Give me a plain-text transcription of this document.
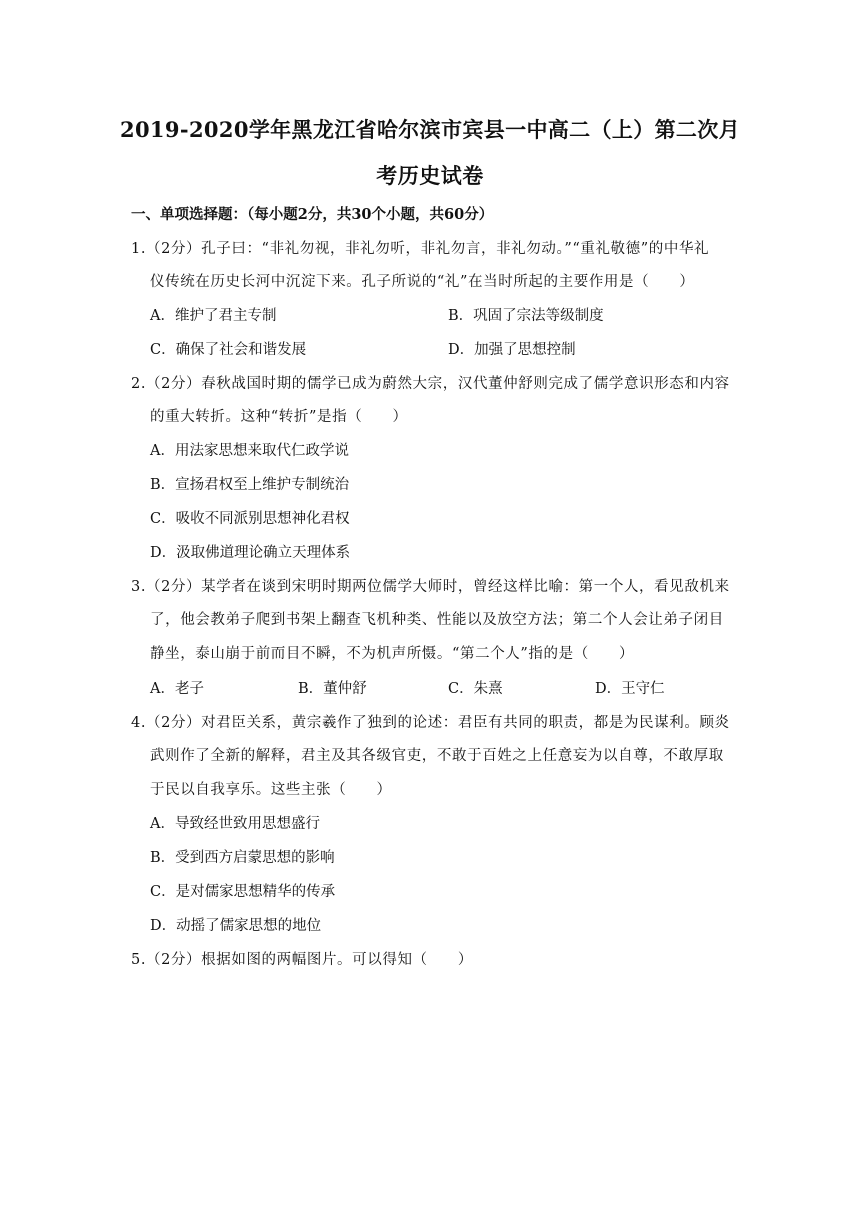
2019-2020学年黑龙江省哈尔滨市宾县一中高二（上）第二次月
考历史试卷
一、单项选择题：（每小题2分，共30个小题，共60分）
1.（2分）孔子曰：“非礼勿视，非礼勿听，非礼勿言，非礼勿动。”“重礼敬德”的中华礼
仪传统在历史长河中沉淀下来。孔子所说的“礼”在当时所起的主要作用是（　　）
A．维护了君主专制	B．巩固了宗法等级制度
C．确保了社会和谐发展	D．加强了思想控制
2.（2分）春秋战国时期的儒学已成为蔚然大宗，汉代董仲舒则完成了儒学意识形态和内容
的重大转折。这种“转折”是指（　　）
A．用法家思想来取代仁政学说
B．宣扬君权至上维护专制统治
C．吸收不同派别思想神化君权
D．汲取佛道理论确立天理体系
3.（2分）某学者在谈到宋明时期两位儒学大师时，曾经这样比喻：第一个人，看见敌机来
了，他会教弟子爬到书架上翻查飞机种类、性能以及放空方法；第二个人会让弟子闭目
静坐，泰山崩于前而目不瞬，不为机声所慑。“第二个人”指的是（　　）
A．老子	B．董仲舒	C．朱熹	D．王守仁
4.（2分）对君臣关系，黄宗羲作了独到的论述：君臣有共同的职责，都是为民谋利。顾炎
武则作了全新的解释，君主及其各级官吏，不敢于百姓之上任意妄为以自尊，不敢厚取
于民以自我享乐。这些主张（　　）
A．导致经世致用思想盛行
B．受到西方启蒙思想的影响
C．是对儒家思想精华的传承
D．动摇了儒家思想的地位
5.（2分）根据如图的两幅图片。可以得知（　　）
